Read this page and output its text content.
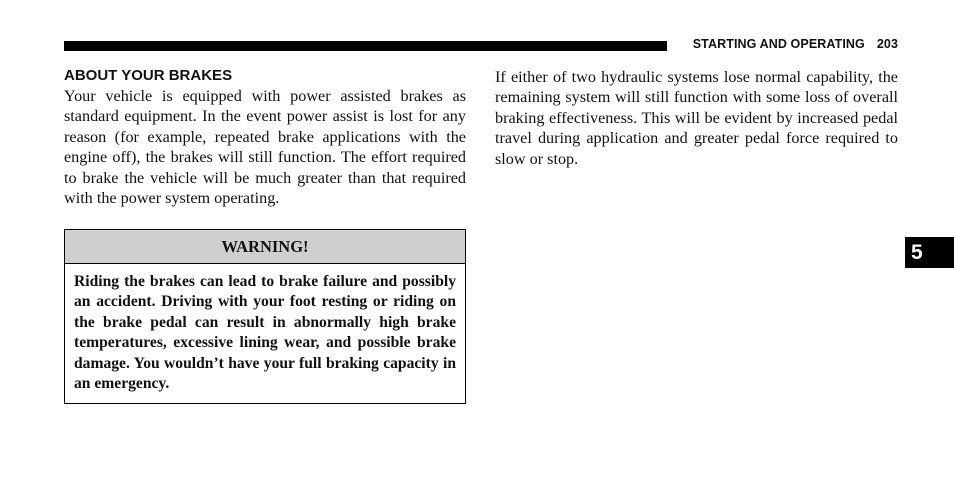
STARTING AND OPERATING 203
ABOUT YOUR BRAKES

Your vehicle is equipped with power assisted brakes as standard equipment. In the event power assist is lost for any reason (for example, repeated brake applications with the engine off), the brakes will still function. The effort required to brake the vehicle will be much greater than that required with the power system operating.

WARNING!

Riding the brakes can lead to brake failure and possibly an accident. Driving with your foot resting or riding on the brake pedal can result in abnormally high brake temperatures, excessive lining wear, and possible brake damage. You wouldn’t have your full braking capacity in an emergency.

If either of two hydraulic systems lose normal capability, the remaining system will still function with some loss of overall braking effectiveness. This will be evident by increased pedal travel during application and greater pedal force required to slow or stop.

5
